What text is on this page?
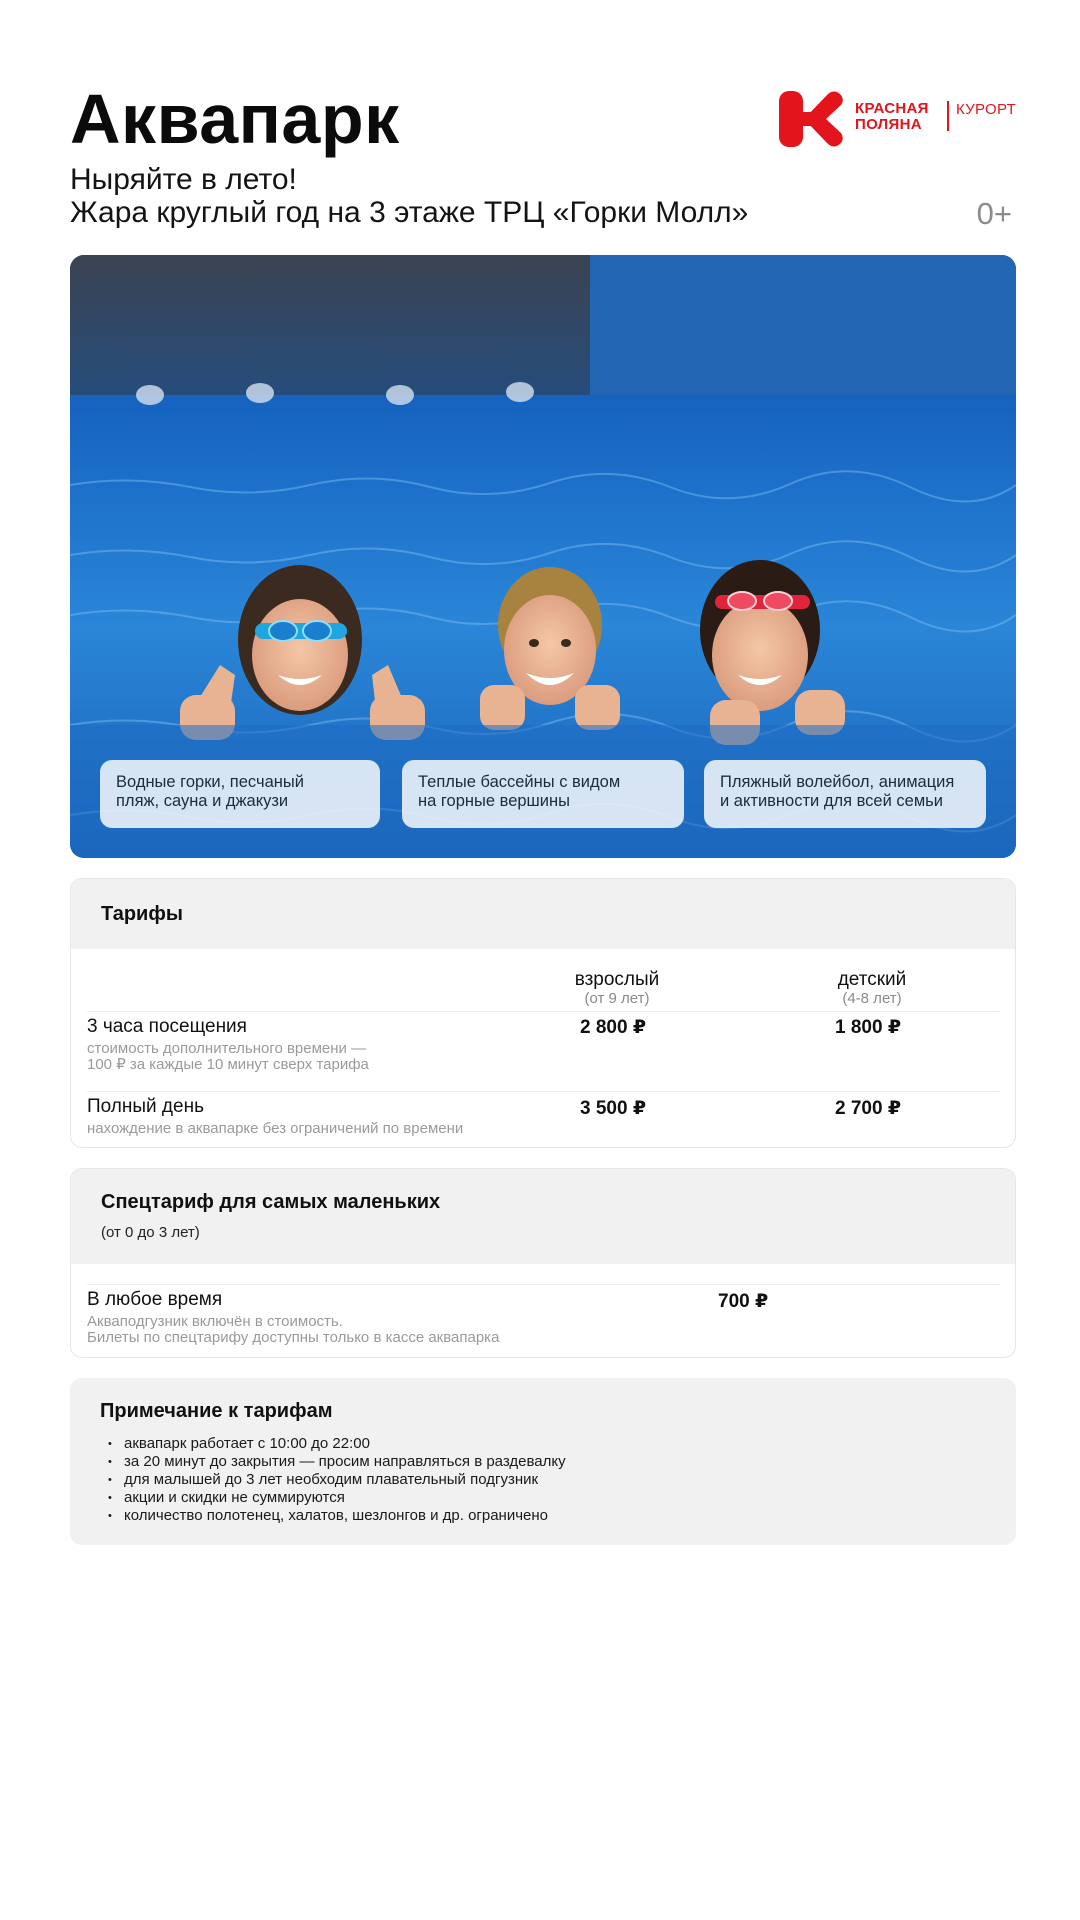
Аквапарк
Ныряйте в лето!
Жара круглый год на 3 этаже ТРЦ «Горки Молл»	0+
КРАСНАЯ
ПОЛЯНА
КУРОРТ
Водные горки, песчаный
пляж, сауна и джакузи
Теплые бассейны с видом
на горные вершины
Пляжный волейбол, анимация
и активности для всей семьи
Тарифы
взрослый
(от 9 лет)
детский
(4-8 лет)
3 часа посещения
стоимость дополнительного времени —
100 ₽ за каждые 10 минут сверх тарифа
2 800 ₽	1 800 ₽
Полный день
нахождение в аквапарке без ограничений по времени
3 500 ₽	2 700 ₽
Спецтариф для самых маленьких
(от 0 до 3 лет)
В любое время
Акваподгузник включён в стоимость.
Билеты по спецтарифу доступны только в кассе аквапарка
700 ₽
Примечание к тарифам
• аквапарк работает с 10:00 до 22:00
• за 20 минут до закрытия — просим направляться в раздевалку
• для малышей до 3 лет необходим плавательный подгузник
• акции и скидки не суммируются
• количество полотенец, халатов, шезлонгов и др. ограничено
